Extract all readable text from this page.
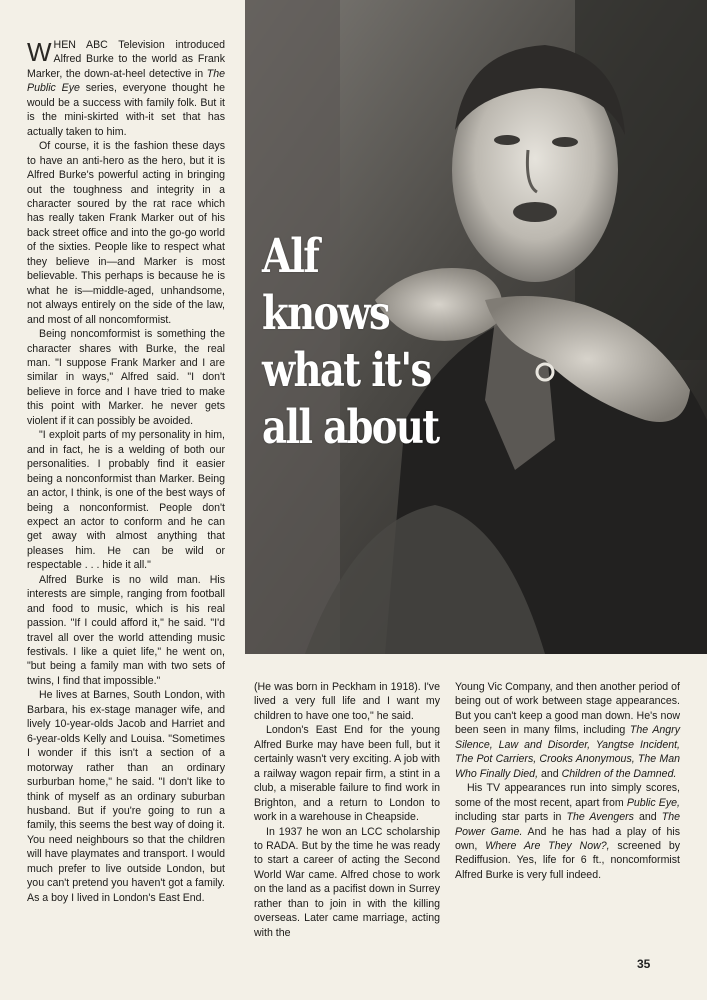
WHEN ABC Television introduced Alfred Burke to the world as Frank Marker, the down-at-heel detective in The Public Eye series, everyone thought he would be a success with family folk. But it is the mini-skirted with-it set that has actually taken to him.

Of course, it is the fashion these days to have an anti-hero as the hero, but it is Alfred Burke's powerful acting in bringing out the toughness and integrity in a character soured by the rat race which has really taken Frank Marker out of his back street office and into the go-go world of the sixties. People like to respect what they believe in—and Marker is most believable. This perhaps is because he is what he is—middle-aged, unhandsome, not always entirely on the side of the law, and most of all noncomformist.

Being noncomformist is something the character shares with Burke, the real man. "I suppose Frank Marker and I are similar in ways," Alfred said. "I don't believe in force and I have tried to make this point with Marker. he never gets violent if it can possibly be avoided.

"I exploit parts of my personality in him, and in fact, he is a welding of both our personalities. I probably find it easier being a nonconformist than Marker. Being an actor, I think, is one of the best ways of being a nonconformist. People don't expect an actor to conform and he can get away with almost anything that pleases him. He can be wild or respectable . . . hide it all."

Alfred Burke is no wild man. His interests are simple, ranging from football and food to music, which is his real passion. "If I could afford it," he said. "I'd travel all over the world attending music festivals. I like a quiet life," he went on, "but being a family man with two sets of twins, I find that impossible."

He lives at Barnes, South London, with Barbara, his ex-stage manager wife, and lively 10-year-olds Jacob and Harriet and 6-year-olds Kelly and Louisa. "Sometimes I wonder if this isn't a section of a motorway rather than an ordinary surburban home," he said. "I don't like to think of myself as an ordinary suburban husband. But if you're going to run a family, this seems the best way of doing it. You need neighbours so that the children will have playmates and transport. I would much prefer to live outside London, but you can't pretend you haven't got a family. As a boy I lived in London's East End.

Alf
knows
what it's
all about

(He was born in Peckham in 1918). I've lived a very full life and I want my children to have one too," he said.

London's East End for the young Alfred Burke may have been full, but it certainly wasn't very exciting. A job with a railway wagon repair firm, a stint in a club, a miserable failure to find work in Brighton, and a return to London to work in a warehouse in Cheapside.

In 1937 he won an LCC scholarship to RADA. But by the time he was ready to start a career of acting the Second World War came. Alfred chose to work on the land as a pacifist down in Surrey rather than to join in with the killing overseas. Later came marriage, acting with the

Young Vic Company, and then another period of being out of work between stage appearances. But you can't keep a good man down. He's now been seen in many films, including The Angry Silence, Law and Disorder, Yangtse Incident, The Pot Carriers, Crooks Anonymous, The Man Who Finally Died, and Children of the Damned.

His TV appearances run into simply scores, some of the most recent, apart from Public Eye, including star parts in The Avengers and The Power Game. And he has had a play of his own, Where Are They Now?, screened by Rediffusion. Yes, life for 6 ft., noncomformist Alfred Burke is very full indeed.

35
